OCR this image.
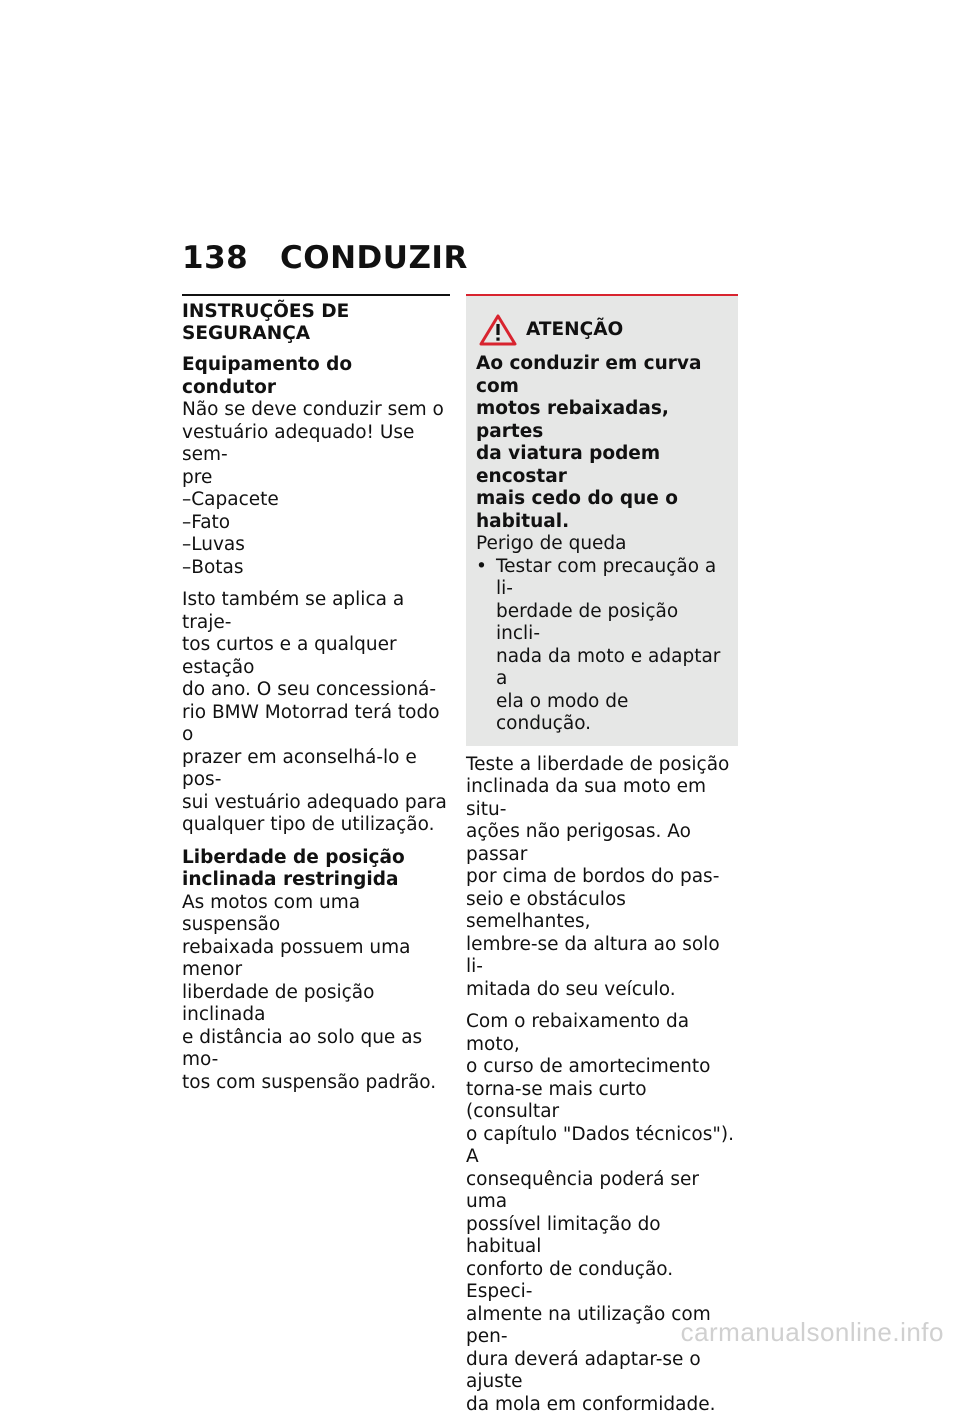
138	CONDUZIR
INSTRUÇÕES DE
SEGURANÇA
Equipamento do condutor
Não se deve conduzir sem o
vestuário adequado! Use sem-
pre
–Capacete
–Fato
–Luvas
–Botas
Isto também se aplica a traje-
tos curtos e a qualquer estação
do ano. O seu concessioná-
rio BMW Motorrad terá todo o
prazer em aconselhá-lo e pos-
sui vestuário adequado para
qualquer tipo de utilização.
Liberdade de posição
inclinada restringida
As motos com uma suspensão
rebaixada possuem uma menor
liberdade de posição inclinada
e distância ao solo que as mo-
tos com suspensão padrão.
ATENÇÃO
Ao conduzir em curva com
motos rebaixadas, partes
da viatura podem encostar
mais cedo do que o habitual.
Perigo de queda
• Testar com precaução a li-
berdade de posição incli-
nada da moto e adaptar a
ela o modo de condução.
Teste a liberdade de posição
inclinada da sua moto em situ-
ações não perigosas. Ao passar
por cima de bordos do pas-
seio e obstáculos semelhantes,
lembre-se da altura ao solo li-
mitada do seu veículo.
Com o rebaixamento da moto,
o curso de amortecimento
torna-se mais curto (consultar
o capítulo "Dados técnicos"). A
consequência poderá ser uma
possível limitação do habitual
conforto de condução. Especi-
almente na utilização com pen-
dura deverá adaptar-se o ajuste
da mola em conformidade.
carmanualsonline.info
